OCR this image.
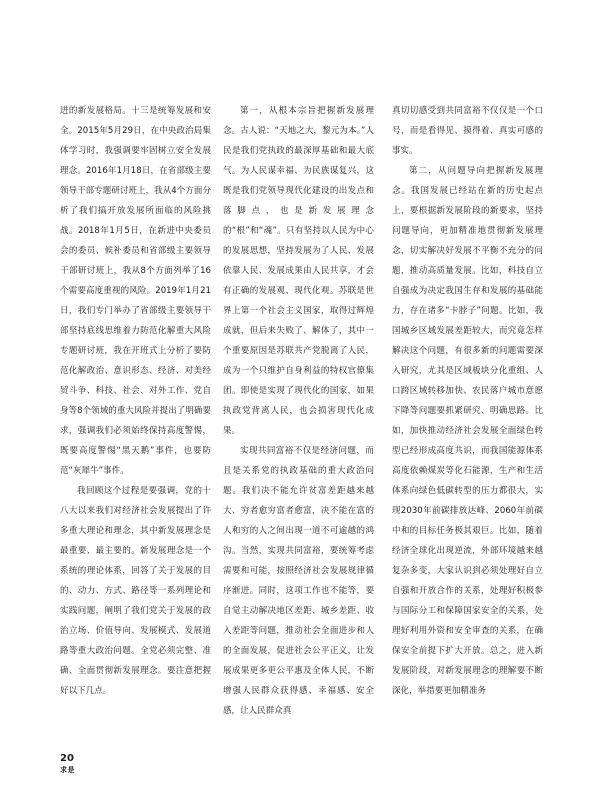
进的新发展格局。十三是统筹发展和安全。2015年5月29日，在中央政治局集体学习时，我强调要牢固树立安全发展理念。2016年1月18日，在省部级主要领导干部专题研讨班上，我从4个方面分析了我们搞开放发展所面临的风险挑战。2018年1月5日，在新进中央委员会的委员、候补委员和省部级主要领导干部研讨班上，我从8个方面列举了16个需要高度重视的风险。2019年1月21日，我们专门举办了省部级主要领导干部坚持底线思维着力防范化解重大风险专题研讨班，我在开班式上分析了要防范化解政治、意识形态、经济、对美经贸斗争、科技、社会、对外工作、党自身等8个领域的重大风险并提出了明确要求，强调我们必须始终保持高度警惕，既要高度警惕“黑天鹅”事件，也要防范“灰犀牛”事件。

我回顾这个过程是要强调，党的十八大以来我们对经济社会发展提出了许多重大理论和理念，其中新发展理念是最重要、最主要的。新发展理念是一个系统的理论体系，回答了关于发展的目的、动力、方式、路径等一系列理论和实践问题，阐明了我们党关于发展的政治立场、价值导向、发展模式、发展道路等重大政治问题。全党必须完整、准确、全面贯彻新发展理念。要注意把握好以下几点。

第一，从根本宗旨把握新发展理念。古人说：“天地之大，黎元为本。”人民是我们党执政的最深厚基础和最大底气。为人民谋幸福、为民族谋复兴，这既是我们党领导现代化建设的出发点和落脚点，也是新发展理念的“根”和“魂”。只有坚持以人民为中心的发展思想，坚持发展为了人民、发展依靠人民、发展成果由人民共享，才会有正确的发展观、现代化观。苏联是世界上第一个社会主义国家，取得过辉煌成就，但后来失败了、解体了，其中一个重要原因是苏联共产党脱离了人民，成为一个只维护自身利益的特权官僚集团。即使是实现了现代化的国家，如果执政党背离人民，也会损害现代化成果。

实现共同富裕不仅是经济问题，而且是关系党的执政基础的重大政治问题。我们决不能允许贫富差距越来越大、穷者愈穷富者愈富，决不能在富的人和穷的人之间出现一道不可逾越的鸿沟。当然，实现共同富裕，要统筹考虑需要和可能，按照经济社会发展规律循序渐进。同时，这项工作也不能等，要自觉主动解决地区差距、城乡差距、收入差距等问题，推动社会全面进步和人的全面发展，促进社会公平正义，让发展成果更多更公平惠及全体人民，不断增强人民群众获得感、幸福感、安全感，让人民群众真

真切切感受到共同富裕不仅仅是一个口号，而是看得见、摸得着、真实可感的事实。

第二，从问题导向把握新发展理念。我国发展已经站在新的历史起点上，要根据新发展阶段的新要求，坚持问题导向，更加精准地贯彻新发展理念，切实解决好发展不平衡不充分的问题，推动高质量发展。比如，科技自立自强成为决定我国生存和发展的基础能力，存在诸多“卡脖子”问题。比如，我国城乡区域发展差距较大，而究竟怎样解决这个问题，有很多新的问题需要深入研究，尤其是区域板块分化重组、人口跨区域转移加快、农民落户城市意愿下降等问题要抓紧研究、明确思路。比如，加快推动经济社会发展全面绿色转型已经形成高度共识，而我国能源体系高度依赖煤炭等化石能源，生产和生活体系向绿色低碳转型的压力都很大，实现2030年前碳排放达峰、2060年前碳中和的目标任务极其艰巨。比如，随着经济全球化出现逆流，外部环境越来越复杂多变，大家认识到必须处理好自立自强和开放合作的关系，处理好积极参与国际分工和保障国家安全的关系，处理好利用外资和安全审查的关系，在确保安全前提下扩大开放。总之，进入新发展阶段，对新发展理念的理解要不断深化，举措要更加精准务

20
求是
